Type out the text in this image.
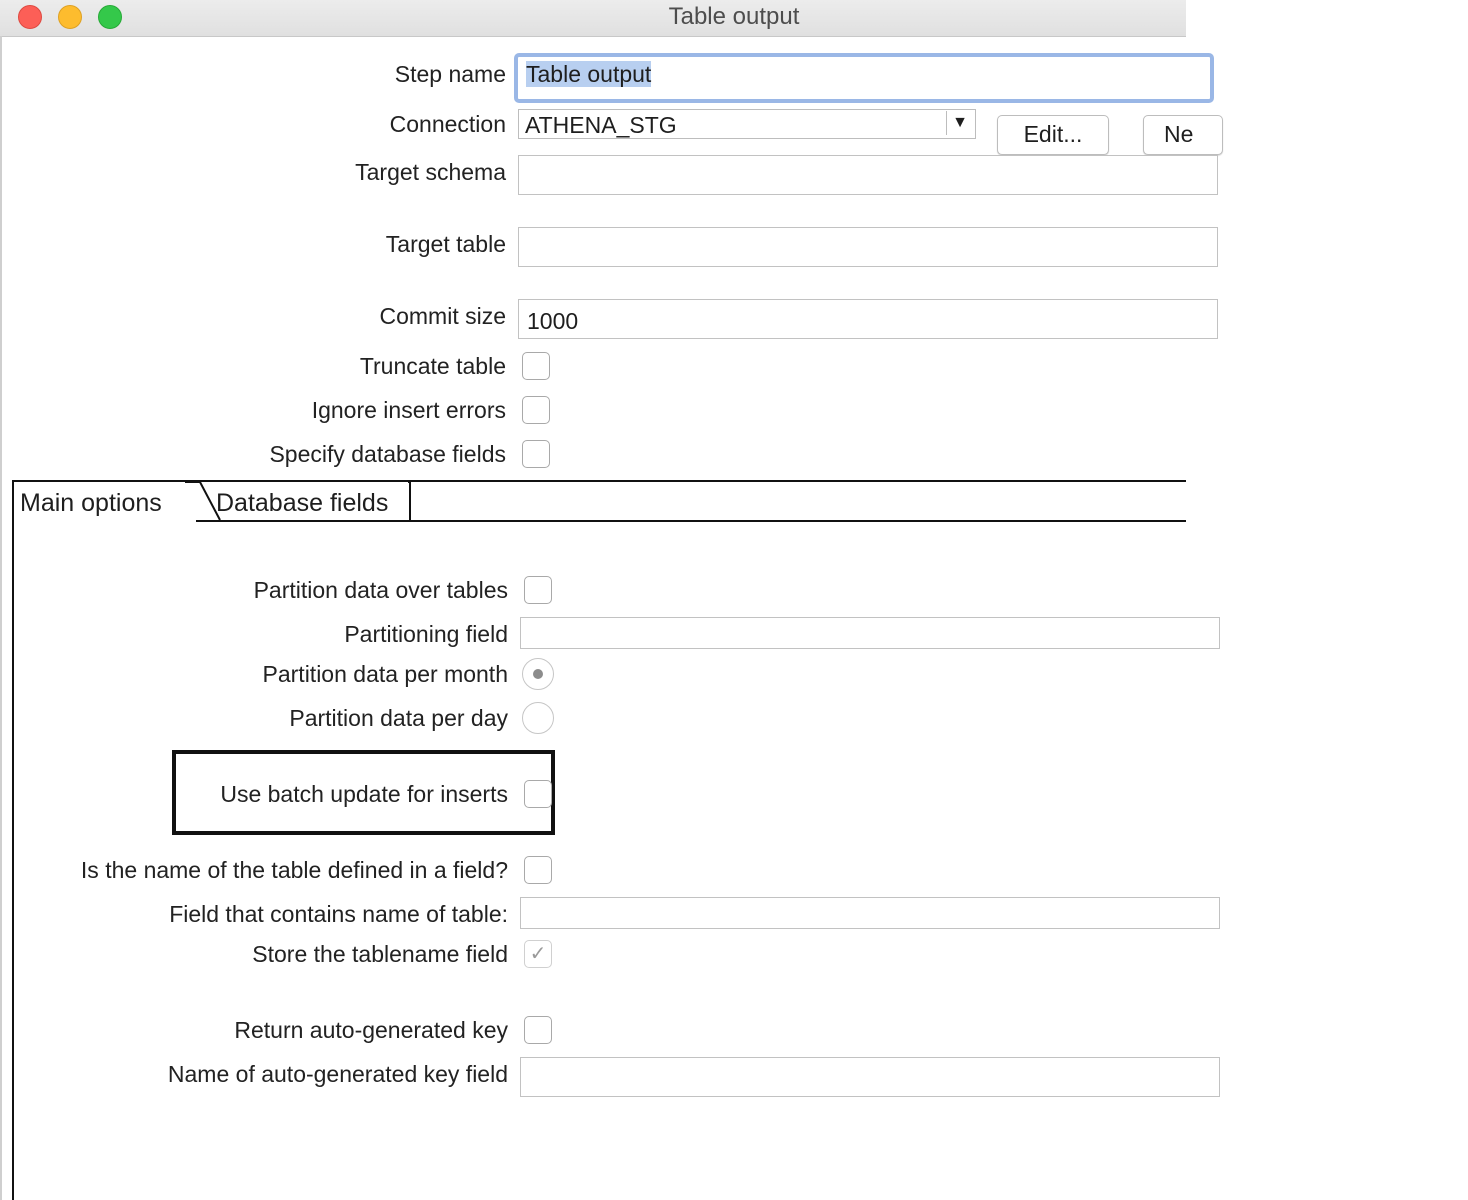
Table output
Step name Table output
Connection ATHENA_STG	▼	Edit...	Ne
Target schema
Target table
Commit size 1000
Truncate table
Ignore insert errors
Specify database fields
Main options Database fields
Partition data over tables
Partitioning field
Partition data per month
Partition data per day
Use batch update for inserts
Is the name of the table defined in a field?
Field that contains name of table:
Store the tablename field ✓
Return auto-generated key
Name of auto-generated key field
